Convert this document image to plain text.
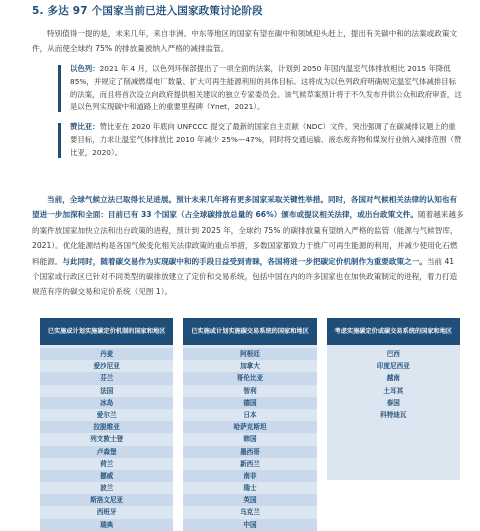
5. 多达 97 个国家当前已进入国家政策讨论阶段

特别值得一提的是，未来几年，来自非洲、中东等地区的国家有望在碳中和领域迎头赶上，提出有关碳中和的法案或政策文件，从而使全球约 75% 的排放量被纳入严格的减排监管。

以色列：2021 年 4 月，以色列环保部提出了一项全面的法案，计划到 2050 年国内温室气体排放相比 2015 年降低 85%，并规定了削减燃煤电厂数量、扩大可再生能源利用的具体目标。这将成为以色列政府明确规定温室气体减排目标的法案，而且将首次设立向政府提供相关建议的独立专家委员会。该气候草案预计将于不久发布并供公众和政府审查，这是以色列实现碳中和道路上的重要里程碑（Ynet，2021）。
赞比亚：赞比亚在 2020 年底向 UNFCCC 提交了最新的国家自主贡献（NDC）文件，突出强调了在碳减排议题上的重要目标，力求让温室气体排放比 2010 年减少 25%—47%，同时将交通运输、液态废弃物和煤炭行业纳入减排范围（赞比亚，2020）。

当前，全球气候立法已取得长足进展。预计未来几年将有更多国家采取关键性举措。同时，各国对气候相关法律的认知也有望进一步加深和全面：目前已有 33 个国家（占全球碳排放总量的 66%）颁布或提议相关法律，或出台政策文件。随着越来越多的案件放国家加快立法和出台政策的进程，预计到 2025 年，全球约 75% 的碳排放量有望纳入严格的监管（能源与气候智库，2021）。优化能源结构是各国气候变化相关法律政策的重点举措，多数国家都致力于推广可再生能源的利用，并减少使用化石燃料能源。与此同时，随着碳交易作为实现碳中和的手段日益受到青睐，各国将进一步把碳定价机制作为重要政策之一。当前 41 个国家或行政区已针对不同类型的碳排放建立了定价和交易系统，包括中国在内的许多国家也在加快政策制定的进程，着力打造规范有序的碳交易和定价系统（见图 1）。

已实施或计划实施碳定价机制的国家和地区
丹麦
爱沙尼亚
芬兰
法国
冰岛
爱尔兰
拉脱维亚
列支敦士登
卢森堡
荷兰
挪威
波兰
斯洛文尼亚
西班牙
瑞典
已实施或计划实施碳交易系统的国家和地区
阿根廷
加拿大
哥伦比亚
智利
德国
日本
哈萨克斯坦
韩国
墨西哥
新西兰
南非
瑞士
英国
乌克兰
中国
考虑实施碳定价或碳交易系统的国家和地区
巴西
印度尼西亚
越南
土耳其
泰国
科特迪瓦
